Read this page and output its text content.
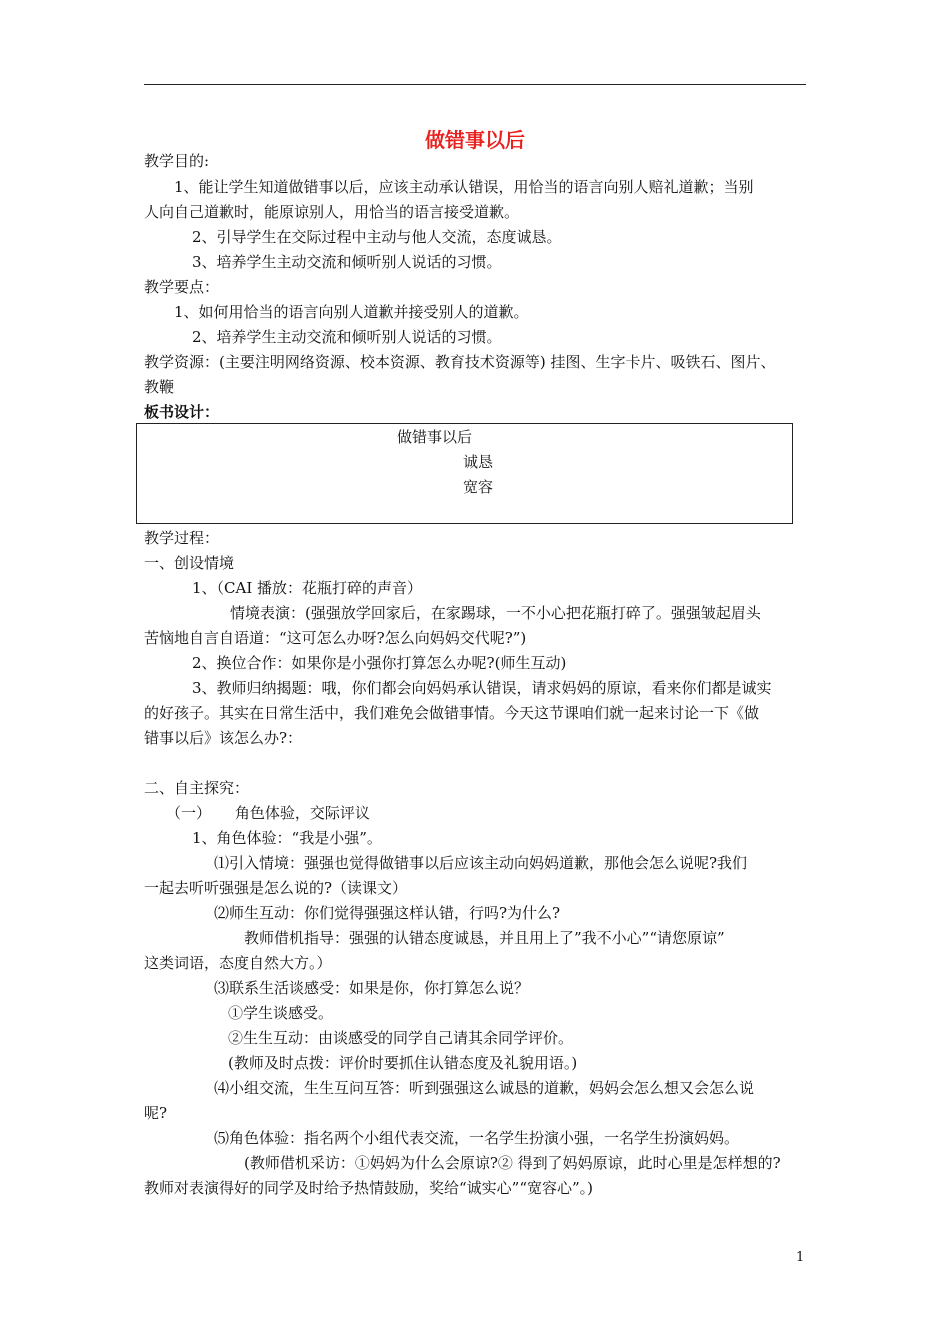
做错事以后
教学目的:
1、能让学生知道做错事以后，应该主动承认错误，用恰当的语言向别人赔礼道歉；当别
人向自己道歉时，能原谅别人，用恰当的语言接受道歉。
2、引导学生在交际过程中主动与他人交流，态度诚恳。
3、培养学生主动交流和倾听别人说话的习惯。
教学要点：
1、如何用恰当的语言向别人道歉并接受别人的道歉。
2、培养学生主动交流和倾听别人说话的习惯。
教学资源：(主要注明网络资源、校本资源、教育技术资源等) 挂图、生字卡片、吸铁石、图片、
教鞭
板书设计：
做错事以后
诚恳
宽容
教学过程：
一、创设情境
1、（CAI 播放：花瓶打碎的声音）
情境表演：(强强放学回家后，在家踢球，一不小心把花瓶打碎了。强强皱起眉头
苦恼地自言自语道：“这可怎么办呀?怎么向妈妈交代呢?”)
2、换位合作：如果你是小强你打算怎么办呢?(师生互动)
3、教师归纳揭题：哦，你们都会向妈妈承认错误，请求妈妈的原谅，看来你们都是诚实
的好孩子。其实在日常生活中，我们难免会做错事情。今天这节课咱们就一起来讨论一下《做
错事以后》该怎么办?：
二、自主探究：
（一）     角色体验，交际评议
1、角色体验：“我是小强”。
⑴引入情境：强强也觉得做错事以后应该主动向妈妈道歉，那他会怎么说呢?我们
一起去听听强强是怎么说的?（读课文）
⑵师生互动：你们觉得强强这样认错，行吗?为什么?
教师借机指导：强强的认错态度诚恳，并且用上了”我不小心”“请您原谅”
这类词语，态度自然大方。）
⑶联系生活谈感受：如果是你，你打算怎么说？
①学生谈感受。
②生生互动：由谈感受的同学自己请其余同学评价。
(教师及时点拨：评价时要抓住认错态度及礼貌用语。)
⑷小组交流，生生互问互答：听到强强这么诚恳的道歉，妈妈会怎么想又会怎么说
呢?
⑸角色体验：指名两个小组代表交流，一名学生扮演小强，一名学生扮演妈妈。
(教师借机采访：①妈妈为什么会原谅?② 得到了妈妈原谅，此时心里是怎样想的?
教师对表演得好的同学及时给予热情鼓励，奖给“诚实心”“宽容心”。)
1
